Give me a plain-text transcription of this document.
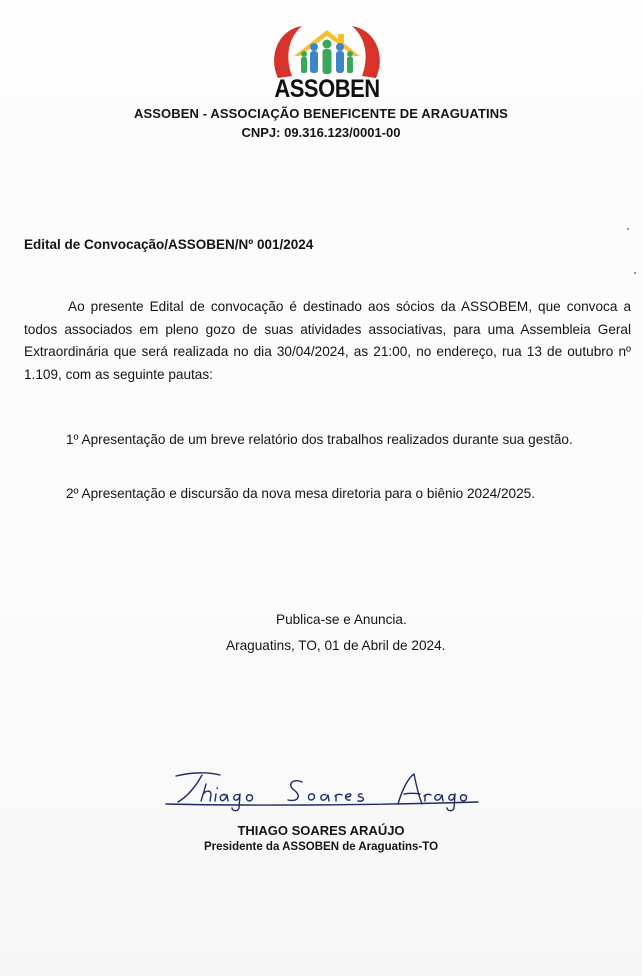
ASSOBEN
ASSOBEN - ASSOCIAÇÃO BENEFICENTE DE ARAGUATINS
CNPJ: 09.316.123/0001-00
Edital de Convocação/ASSOBEN/Nº 001/2024
Ao presente Edital de convocação é destinado aos sócios da ASSOBEM, que convoca a todos associados em pleno gozo de suas atividades associativas, para uma Assembleia Geral Extraordinária que será realizada no dia 30/04/2024, as 21:00, no endereço, rua 13 de outubro nº 1.109, com as seguinte pautas:
1º Apresentação de um breve relatório dos trabalhos realizados durante sua gestão.
2º Apresentação e discursão da nova mesa diretoria para o biênio 2024/2025.
Publica-se e Anuncia.
Araguatins, TO, 01 de Abril de 2024.
THIAGO SOARES ARAÚJO
Presidente da ASSOBEN de Araguatins-TO
